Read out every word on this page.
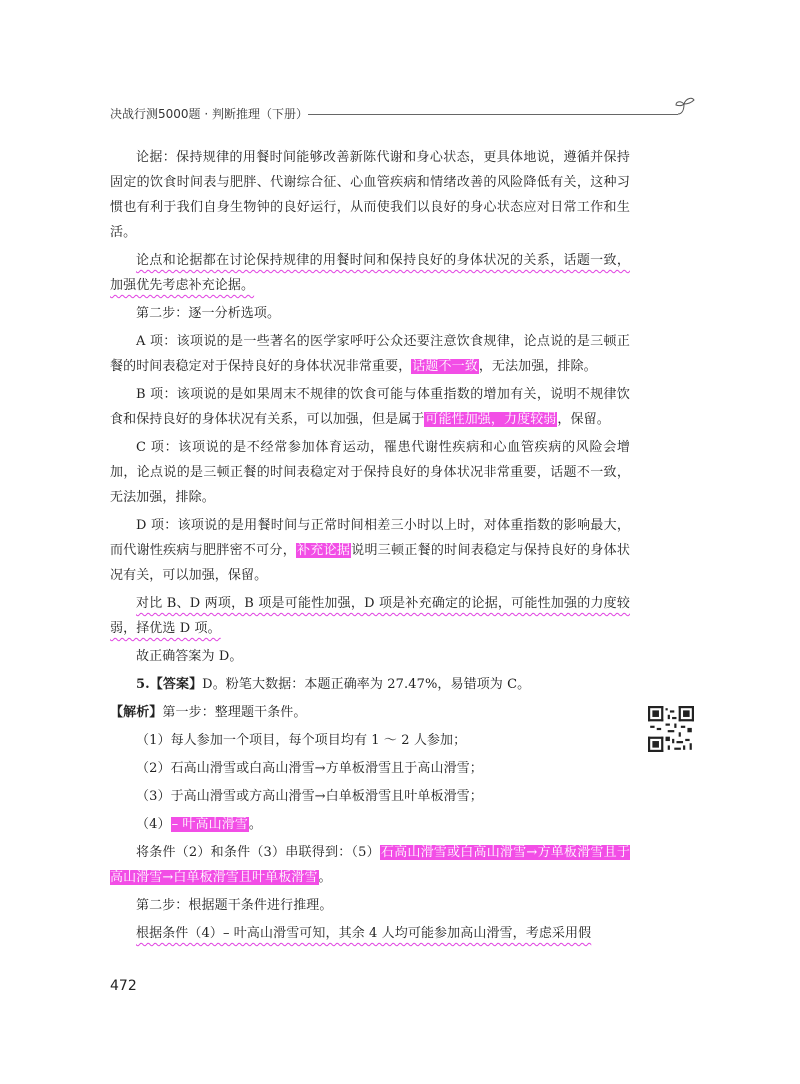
决战行测5000题 · 判断推理（下册）

论据：保持规律的用餐时间能够改善新陈代谢和身心状态，更具体地说，遵循并保持固定的饮食时间表与肥胖、代谢综合征、心血管疾病和情绪改善的风险降低有关，这种习惯也有利于我们自身生物钟的良好运行，从而使我们以良好的身心状态应对日常工作和生活。

论点和论据都在讨论保持规律的用餐时间和保持良好的身体状况的关系，话题一致，加强优先考虑补充论据。

第二步：逐一分析选项。

A 项：该项说的是一些著名的医学家呼吁公众还要注意饮食规律，论点说的是三顿正餐的时间表稳定对于保持良好的身体状况非常重要，话题不一致，无法加强，排除。

B 项：该项说的是如果周末不规律的饮食可能与体重指数的增加有关，说明不规律饮食和保持良好的身体状况有关系，可以加强，但是属于可能性加强，力度较弱，保留。

C 项：该项说的是不经常参加体育运动，罹患代谢性疾病和心血管疾病的风险会增加，论点说的是三顿正餐的时间表稳定对于保持良好的身体状况非常重要，话题不一致，无法加强，排除。

D 项：该项说的是用餐时间与正常时间相差三小时以上时，对体重指数的影响最大，而代谢性疾病与肥胖密不可分，补充论据说明三顿正餐的时间表稳定与保持良好的身体状况有关，可以加强，保留。

对比 B、D 两项，B 项是可能性加强，D 项是补充确定的论据，可能性加强的力度较弱，择优选 D 项。

故正确答案为 D。

5.【答案】D。粉笔大数据：本题正确率为 27.47%，易错项为 C。

【解析】第一步：整理题干条件。

（1）每人参加一个项目，每个项目均有 1 ～ 2 人参加；

（2）石高山滑雪或白高山滑雪→方单板滑雪且于高山滑雪；

（3）于高山滑雪或方高山滑雪→白单板滑雪且叶单板滑雪；

（4）– 叶高山滑雪。

将条件（2）和条件（3）串联得到：（5）石高山滑雪或白高山滑雪→方单板滑雪且于高山滑雪→白单板滑雪且叶单板滑雪。

第二步：根据题干条件进行推理。

根据条件（4）– 叶高山滑雪可知，其余 4 人均可能参加高山滑雪，考虑采用假

472
